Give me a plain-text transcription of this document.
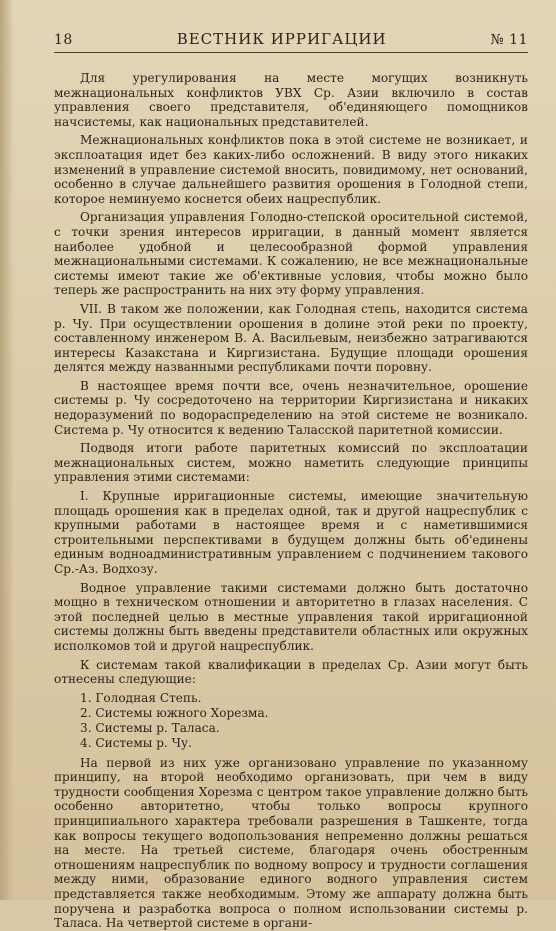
18	ВЕСТНИК ИРРИГАЦИИ	№ 11

Для урегулирования на месте могущих возникнуть межнациональных конфликтов УВХ Ср. Азии включило в состав управления своего представителя, об'единяющего помощников начсистемы, как национальных представителей.

Межнациональных конфликтов пока в этой системе не возникает, и эксплоатация идет без каких-либо осложнений. В виду этого никаких изменений в управление системой вносить, повидимому, нет оснований, особенно в случае дальнейшего развития орошения в Голодной степи, которое неминуемо коснется обеих нацреспублик.

Организация управления Голодно-степской оросительной системой, с точки зрения интересов ирригации, в данный момент является наиболее удобной и целесообразной формой управления межнациональными системами. К сожалению, не все межнациональные системы имеют такие же об'ективные условия, чтобы можно было теперь же распространить на них эту форму управления.

VII. В таком же положении, как Голодная степь, находится система р. Чу. При осуществлении орошения в долине этой реки по проекту, составленному инженером В. А. Васильевым, неизбежно затрагиваются интересы Казакстана и Киргизистана. Будущие площади орошения делятся между названными республиками почти поровну.

В настоящее время почти все, очень незначительное, орошение системы р. Чу сосредоточено на территории Киргизистана и никаких недоразумений по водораспределению на этой системе не возникало. Система р. Чу относится к ведению Таласской паритетной комиссии.

Подводя итоги работе паритетных комиссий по эксплоатации межнациональных систем, можно наметить следующие принципы управления этими системами:

I. Крупные ирригационные системы, имеющие значительную площадь орошения как в пределах одной, так и другой нацреспублик с крупными работами в настоящее время и с наметившимися строительными перспективами в будущем должны быть об'единены единым водноадминистративным управлением с подчинением такового Ср.-Аз. Водхозу.

Водное управление такими системами должно быть достаточно мощно в техническом отношении и авторитетно в глазах населения. С этой последней целью в местные управления такой ирригационной системы должны быть введены представители областных или окружных исполкомов той и другой нацреспублик.

К системам такой квалификации в пределах Ср. Азии могут быть отнесены следующие:

1. Голодная Степь.
2. Системы южного Хорезма.
3. Системы р. Таласа.
4. Системы р. Чу.

На первой из них уже организовано управление по указанному принципу, на второй необходимо организовать, при чем в виду трудности сообщения Хорезма с центром такое управление должно быть особенно авторитетно, чтобы только вопросы крупного принципиального характера требовали разрешения в Ташкенте, тогда как вопросы текущего водопользования непременно должны решаться на месте. На третьей системе, благодаря очень обостренным отношениям нацреспублик по водному вопросу и трудности соглашения между ними, образование единого водного управления систем представляется также необходимым. Этому же аппарату должна быть поручена и разработка вопроса о полном использовании системы р. Таласа. На четвертой системе в органи-
